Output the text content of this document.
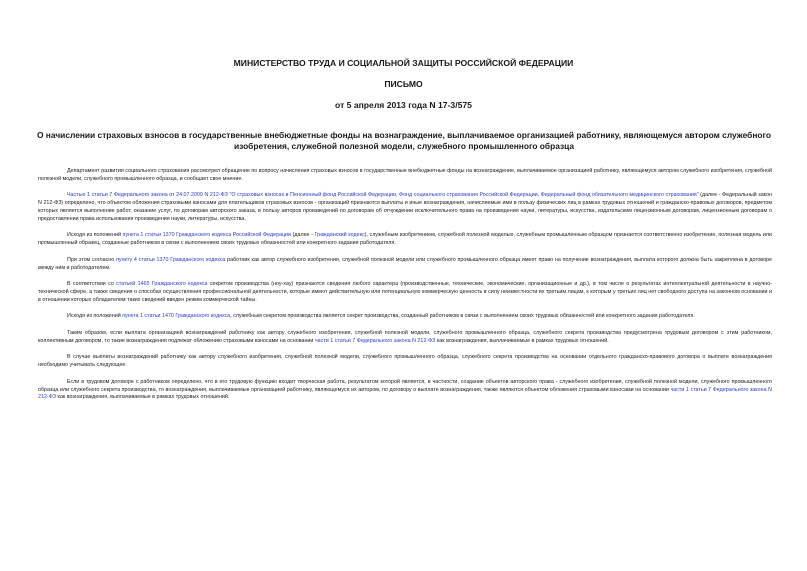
МИНИСТЕРСТВО ТРУДА И СОЦИАЛЬНОЙ ЗАЩИТЫ РОССИЙСКОЙ ФЕДЕРАЦИИ
ПИСЬМО
от 5 апреля 2013 года N 17-3/575
О начислении страховых взносов в государственные внебюджетные фонды на вознаграждение, выплачиваемое организацией работнику, являющемуся автором служебного изобретения, служебной полезной модели, служебного промышленного образца

Департамент развития социального страхования рассмотрел обращение по вопросу начисления страховых взносов в государственные внебюджетные фонды на вознаграждение, выплачиваемое организацией работнику, являющемуся автором служебного изобретения, служебной полезной модели, служебного промышленного образца, и сообщает свое мнение.

Частью 1 статьи 7 Федерального закона от 24.07.2009 N 212-ФЗ "О страховых взносах в Пенсионный фонд Российской Федерации, Фонд социального страхования Российской Федерации, Федеральный фонд обязательного медицинского страхования" (далее - Федеральный закон N 212-ФЗ) определено, что объектом обложения страховыми взносами для плательщиков страховых взносов - организаций признаются выплаты и иные вознаграждения, начисляемые ими в пользу физических лиц в рамках трудовых отношений и гражданско-правовых договоров, предметом которых является выполнение работ, оказание услуг, по договорам авторского заказа, в пользу авторов произведений по договорам об отчуждении исключительного права на произведения науки, литературы, искусства, издательским лицензионным договорам, лицензионным договорам о предоставлении права использования произведения науки, литературы, искусства.

Исходя из положений пункта 1 статьи 1370 Гражданского кодекса Российской Федерации (далее - Гражданский кодекс), служебным изобретением, служебной полезной моделью, служебным промышленным образцом признается соответственно изобретение, полезная модель или промышленный образец, созданные работником в связи с выполнением своих трудовых обязанностей или конкретного задания работодателя.

При этом согласно пункту 4 статьи 1370 Гражданского кодекса работник как автор служебного изобретения, служебной полезной модели или служебного промышленного образца имеет право на получение вознаграждения, выплата которого должна быть закреплена в договоре между ним и работодателем.

В соответствии со статьей 1465 Гражданского кодекса секретом производства (ноу-хау) признаются сведения любого характера (производственные, технические, экономические, организационные и др.), в том числе о результатах интеллектуальной деятельности в научно-технической сфере, а также сведения о способах осуществления профессиональной деятельности, которые имеют действительную или потенциальную коммерческую ценность в силу неизвестности их третьим лицам, к которым у третьих лиц нет свободного доступа на законном основании и в отношении которых обладателем таких сведений введен режим коммерческой тайны.

Исходя из положений пункта 1 статьи 1470 Гражданского кодекса, служебным секретом производства является секрет производства, созданный работником в связи с выполнением своих трудовых обязанностей или конкретного задания работодателя.

Таким образом, если выплата организацией вознаграждений работнику как автору служебного изобретения, служебной полезной модели, служебного промышленного образца, служебного секрета производства предусмотрена трудовым договором с этим работником, коллективным договором, то такие вознаграждения подлежат обложению страховыми взносами на основании части 1 статьи 7 Федерального закона N 212-ФЗ как вознаграждения, выплачиваемые в рамках трудовых отношений.

В случае выплаты вознаграждений работнику как автору служебного изобретения, служебной полезной модели, служебного промышленного образца, служебного секрета производства на основании отдельного гражданско-правового договора о выплате вознаграждения необходимо учитывать следующее.

Если в трудовом договоре с работником определено, что в его трудовую функцию входит творческая работа, результатом которой является, в частности, создание объектов авторского права - служебного изобретения, служебной полезной модели, служебного промышленного образца или служебного секрета производства, то вознаграждения, выплачиваемые организацией работнику, являющемуся их автором, по договору о выплате вознаграждения, также являются объектом обложения страховыми взносами на основании части 1 статьи 7 Федерального закона N 212-ФЗ как вознаграждения, выплачиваемые в рамках трудовых отношений.
